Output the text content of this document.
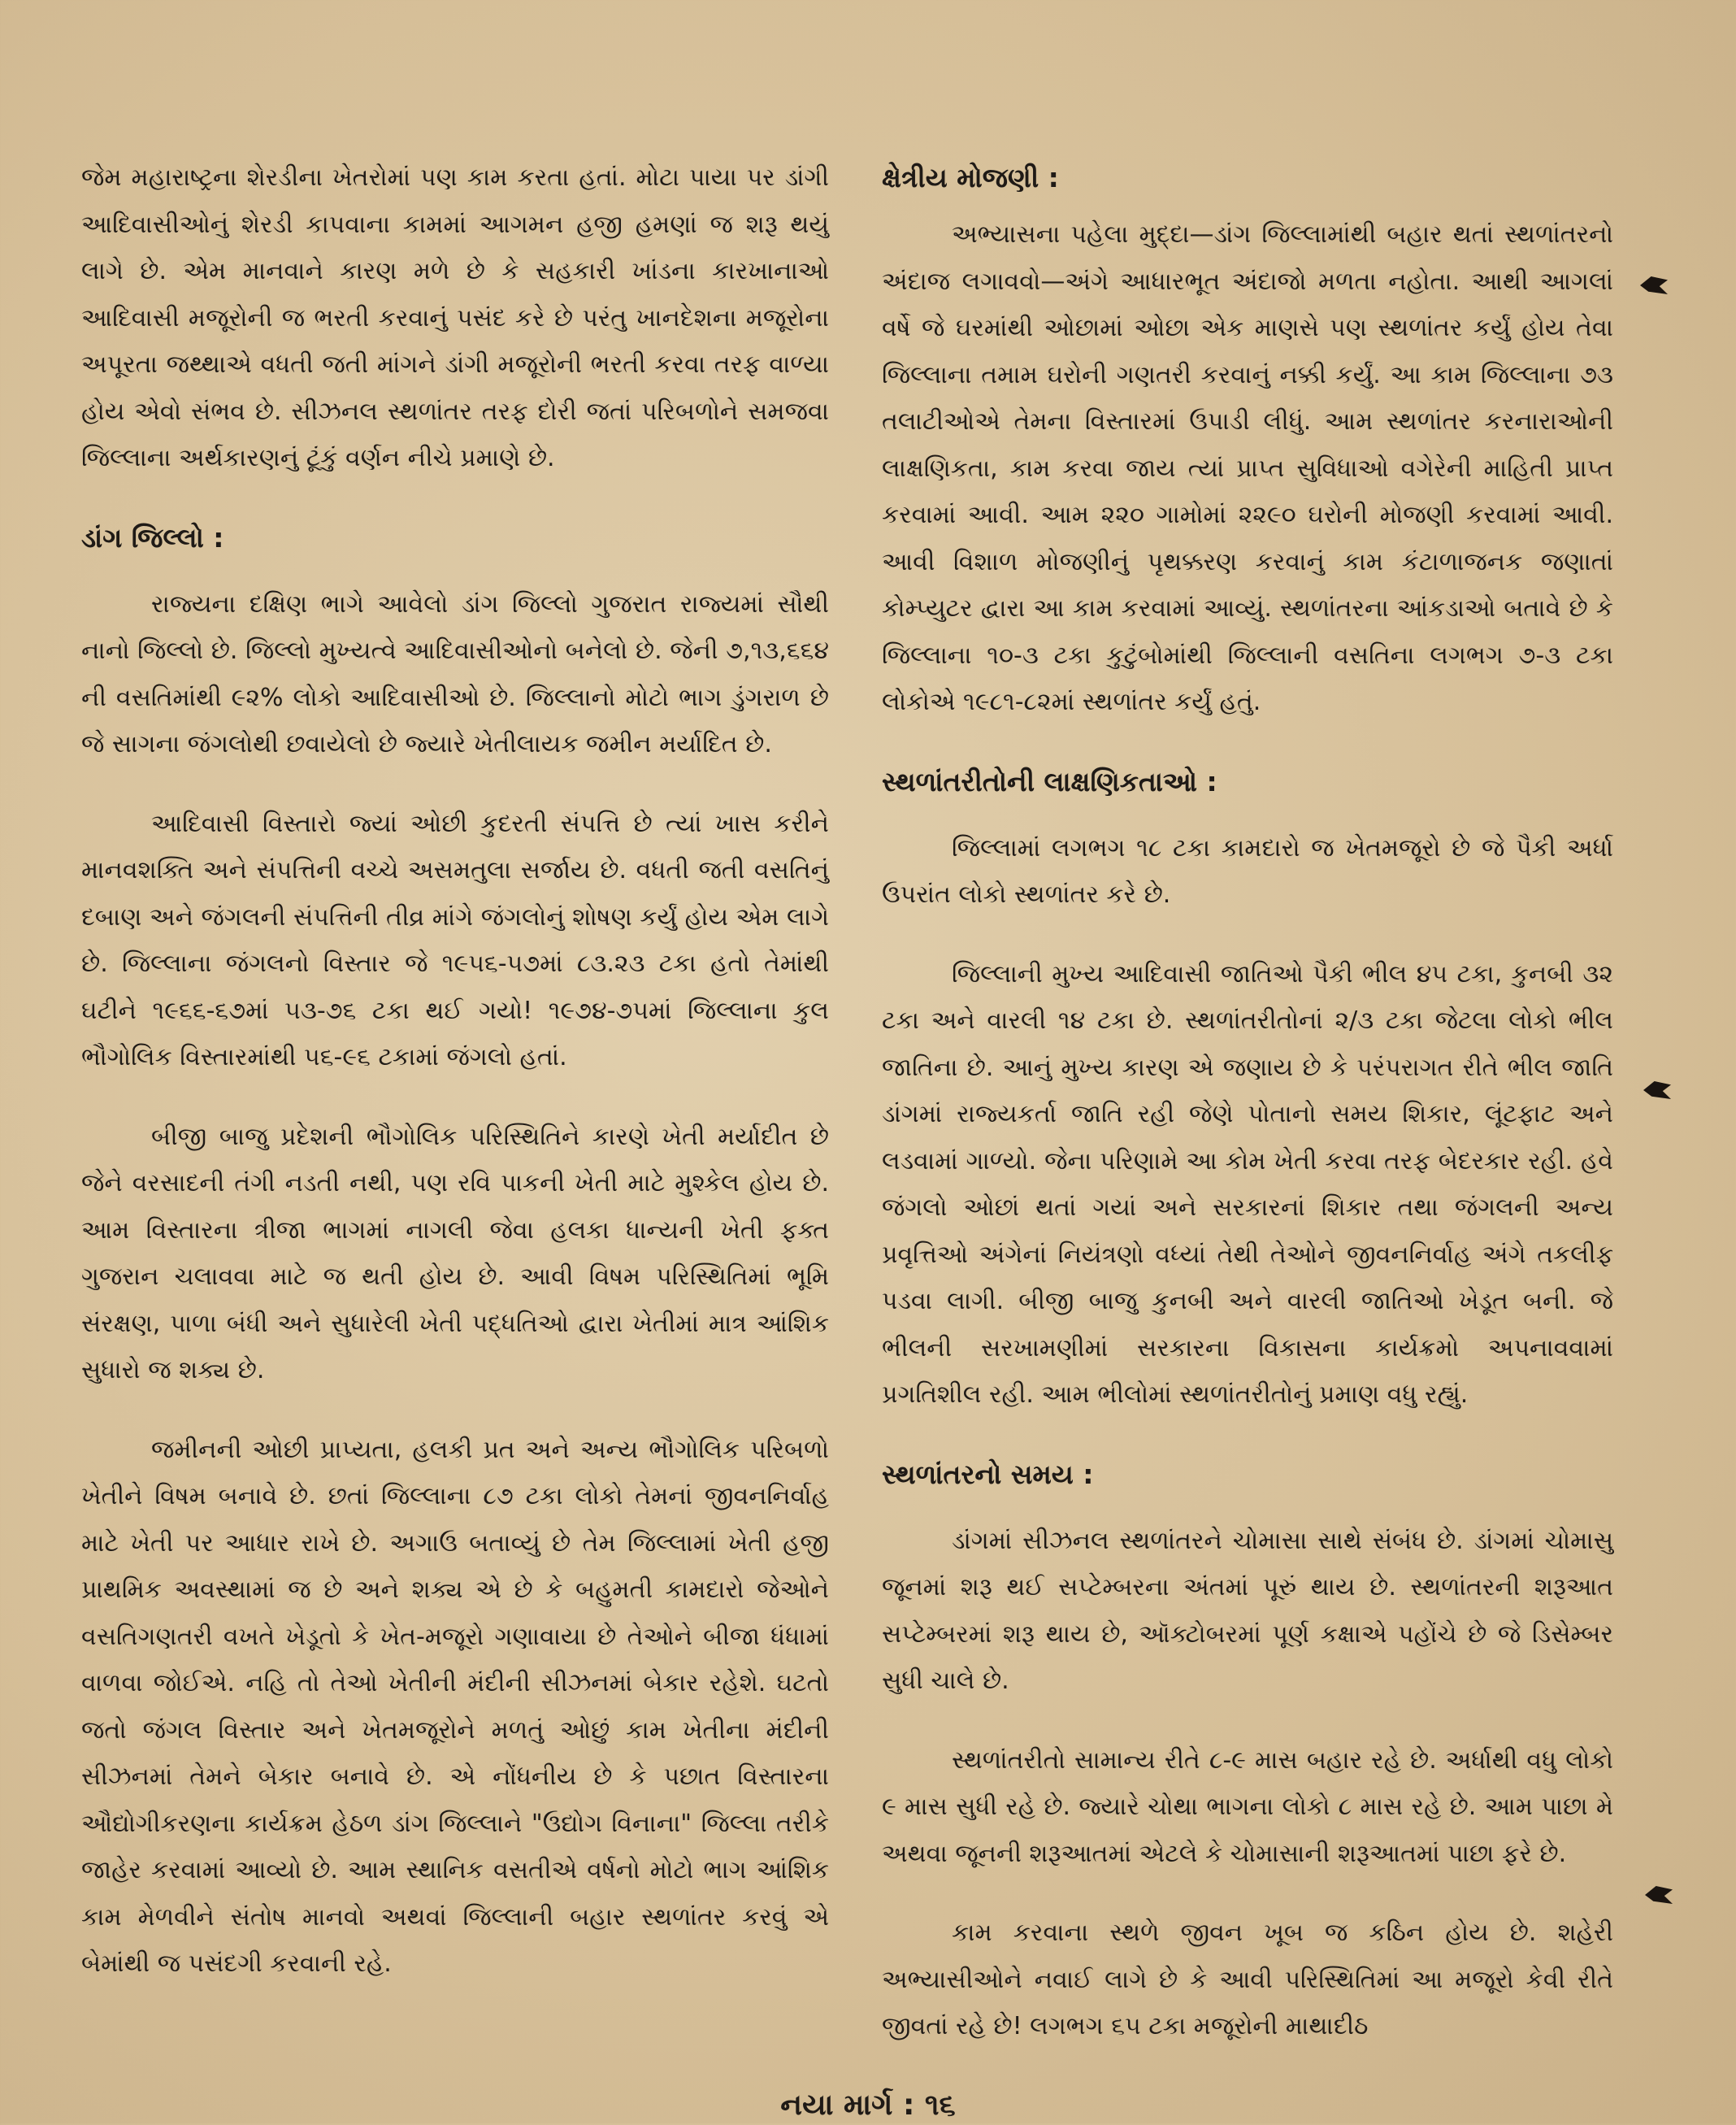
જેમ મહારાષ્ટ્રના શેરડીના ખેતરોમાં પણ કામ કરતા હતાં. મોટા પાયા પર ડાંગી આદિવાસીઓનું શેરડી કાપવાના કામમાં આગમન હજી હમણાં જ શરૂ થયું લાગે છે. એમ માનવાને કારણ મળે છે કે સહકારી ખાંડના કારખાનાઓ આદિવાસી મજૂરોની જ ભરતી કરવાનું પસંદ કરે છે પરંતુ ખાનદેશના મજૂરોના અપૂરતા જથ્થાએ વધતી જતી માંગને ડાંગી મજૂરોની ભરતી કરવા તરફ વાળ્યા હોય એવો સંભવ છે. સીઝનલ સ્થળાંતર તરફ દોરી જતાં પરિબળોને સમજવા જિલ્લાના અર્થકારણનું ટૂંકું વર્ણન નીચે પ્રમાણે છે.

ડાંગ જિલ્લો :

રાજ્યના દક્ષિણ ભાગે આવેલો ડાંગ જિલ્લો ગુજરાત રાજ્યમાં સૌથી નાનો જિલ્લો છે. જિલ્લો મુખ્યત્વે આદિવાસીઓનો બનેલો છે. જેની ૭,૧૩,૬૬૪ ની વસતિમાંથી ૯૨% લોકો આદિવાસીઓ છે. જિલ્લાનો મોટો ભાગ ડુંગરાળ છે જે સાગના જંગલોથી છવાયેલો છે જ્યારે ખેતીલાયક જમીન મર્યાદિત છે.

આદિવાસી વિસ્તારો જ્યાં ઓછી કુદરતી સંપત્તિ છે ત્યાં ખાસ કરીને માનવશક્તિ અને સંપત્તિની વચ્ચે અસમતુલા સર્જાય છે. વધતી જતી વસતિનું દબાણ અને જંગલની સંપત્તિની તીવ્ર માંગે જંગલોનું શોષણ કર્યું હોય એમ લાગે છે. જિલ્લાના જંગલનો વિસ્તાર જે ૧૯૫૬-૫૭માં ૮૩.૨૩ ટકા હતો તેમાંથી ઘટીને ૧૯૬૬-૬૭માં ૫૩-૭૬ ટકા થઈ ગયો! ૧૯૭૪-૭૫માં જિલ્લાના કુલ ભૌગોલિક વિસ્તારમાંથી ૫૬-૯૬ ટકામાં જંગલો હતાં.

બીજી બાજુ પ્રદેશની ભૌગોલિક પરિસ્થિતિને કારણે ખેતી મર્યાદીત છે જેને વરસાદની તંગી નડતી નથી, પણ રવિ પાકની ખેતી માટે મુશ્કેલ હોય છે. આમ વિસ્તારના ત્રીજા ભાગમાં નાગલી જેવા હલકા ધાન્યની ખેતી ફક્ત ગુજરાન ચલાવવા માટે જ થતી હોય છે. આવી વિષમ પરિસ્થિતિમાં ભૂમિ સંરક્ષણ, પાળા બંધી અને સુધારેલી ખેતી પદ્ધતિઓ દ્વારા ખેતીમાં માત્ર આંશિક સુધારો જ શક્ય છે.

જમીનની ઓછી પ્રાપ્યતા, હલકી પ્રત અને અન્ય ભૌગોલિક પરિબળો ખેતીને વિષમ બનાવે છે. છતાં જિલ્લાના ૮૭ ટકા લોકો તેમનાં જીવનનિર્વાહ માટે ખેતી પર આધાર રાખે છે. અગાઉ બતાવ્યું છે તેમ જિલ્લામાં ખેતી હજી પ્રાથમિક અવસ્થામાં જ છે અને શક્ય એ છે કે બહુમતી કામદારો જેઓને વસતિગણતરી વખતે ખેડૂતો કે ખેત-મજૂરો ગણાવાયા છે તેઓને બીજા ધંધામાં વાળવા જોઈએ. નહિ તો તેઓ ખેતીની મંદીની સીઝનમાં બેકાર રહેશે. ઘટતો જતો જંગલ વિસ્તાર અને ખેતમજૂરોને મળતું ઓછું કામ ખેતીના મંદીની સીઝનમાં તેમને બેકાર બનાવે છે. એ નોંધનીય છે કે પછાત વિસ્તારના ઔદ્યોગીકરણના કાર્યક્રમ હેઠળ ડાંગ જિલ્લાને "ઉદ્યોગ વિનાના" જિલ્લા તરીકે જાહેર કરવામાં આવ્યો છે. આમ સ્થાનિક વસતીએ વર્ષનો મોટો ભાગ આંશિક કામ મેળવીને સંતોષ માનવો અથવાં જિલ્લાની બહાર સ્થળાંતર કરવું એ બેમાંથી જ પસંદગી કરવાની રહે.

ક્ષેત્રીય મોજણી :

અભ્યાસના પહેલા મુદ્દા—ડાંગ જિલ્લામાંથી બહાર થતાં સ્થળાંતરનો અંદાજ લગાવવો—અંગે આધારભૂત અંદાજો મળતા નહોતા. આથી આગલાં વર્ષે જે ઘરમાંથી ઓછામાં ઓછા એક માણસે પણ સ્થળાંતર કર્યું હોય તેવા જિલ્લાના તમામ ઘરોની ગણતરી કરવાનું નક્કી કર્યું. આ કામ જિલ્લાના ૭૩ તલાટીઓએ તેમના વિસ્તારમાં ઉપાડી લીધું. આમ સ્થળાંતર કરનારાઓની લાક્ષણિકતા, કામ કરવા જાય ત્યાં પ્રાપ્ત સુવિધાઓ વગેરેની માહિતી પ્રાપ્ત કરવામાં આવી. આમ ૨૨૦ ગામોમાં ૨૨૯૦ ઘરોની મોજણી કરવામાં આવી. આવી વિશાળ મોજણીનું પૃથક્કરણ કરવાનું કામ કંટાળાજનક જણાતાં કોમ્પ્યુટર દ્વારા આ કામ કરવામાં આવ્યું. સ્થળાંતરના આંકડાઓ બતાવે છે કે જિલ્લાના ૧૦-૩ ટકા કુટુંબોમાંથી જિલ્લાની વસતિના લગભગ ૭-૩ ટકા લોકોએ ૧૯૮૧-૮૨માં સ્થળાંતર કર્યું હતું.

સ્થળાંતરીતોની લાક્ષણિકતાઓ :

જિલ્લામાં લગભગ ૧૮ ટકા કામદારો જ ખેતમજૂરો છે જે પૈકી અર્ધા ઉપરાંત લોકો સ્થળાંતર કરે છે.

જિલ્લાની મુખ્ય આદિવાસી જાતિઓ પૈકી ભીલ ૪૫ ટકા, કુનબી ૩૨ ટકા અને વારલી ૧૪ ટકા છે. સ્થળાંતરીતોનાં ૨/૩ ટકા જેટલા લોકો ભીલ જાતિના છે. આનું મુખ્ય કારણ એ જણાય છે કે પરંપરાગત રીતે ભીલ જાતિ ડાંગમાં રાજ્યકર્તા જાતિ રહી જેણે પોતાનો સમય શિકાર, લૂંટફાટ અને લડવામાં ગાળ્યો. જેના પરિણામે આ કોમ ખેતી કરવા તરફ બેદરકાર રહી. હવે જંગલો ઓછાં થતાં ગયાં અને સરકારનાં શિકાર તથા જંગલની અન્ય પ્રવૃત્તિઓ અંગેનાં નિયંત્રણો વધ્યાં તેથી તેઓને જીવનનિર્વાહ અંગે તકલીફ પડવા લાગી. બીજી બાજુ કુનબી અને વારલી જાતિઓ ખેડૂત બની. જે ભીલની સરખામણીમાં સરકારના વિકાસના કાર્યક્રમો અપનાવવામાં પ્રગતિશીલ રહી. આમ ભીલોમાં સ્થળાંતરીતોનું પ્રમાણ વધુ રહ્યું.

સ્થળાંતરનો સમય :

ડાંગમાં સીઝનલ સ્થળાંતરને ચોમાસા સાથે સંબંધ છે. ડાંગમાં ચોમાસુ જૂનમાં શરૂ થઈ સપ્ટેમ્બરના અંતમાં પૂરું થાય છે. સ્થળાંતરની શરૂઆત સપ્ટેમ્બરમાં શરૂ થાય છે, ઑક્ટોબરમાં પૂર્ણ કક્ષાએ પહોંચે છે જે ડિસેમ્બર સુધી ચાલે છે.

સ્થળાંતરીતો સામાન્ય રીતે ૮-૯ માસ બહાર રહે છે. અર્ધાથી વધુ લોકો ૯ માસ સુધી રહે છે. જ્યારે ચોથા ભાગના લોકો ૮ માસ રહે છે. આમ પાછા મે અથવા જૂનની શરૂઆતમાં એટલે કે ચોમાસાની શરૂઆતમાં પાછા ફરે છે.

કામ કરવાના સ્થળે જીવન ખૂબ જ કઠિન હોય છે. શહેરી અભ્યાસીઓને નવાઈ લાગે છે કે આવી પરિસ્થિતિમાં આ મજૂરો કેવી રીતે જીવતાં રહે છે! લગભગ ૬૫ ટકા મજૂરોની માથાદીઠ

નયા માર્ગ : ૧૬
